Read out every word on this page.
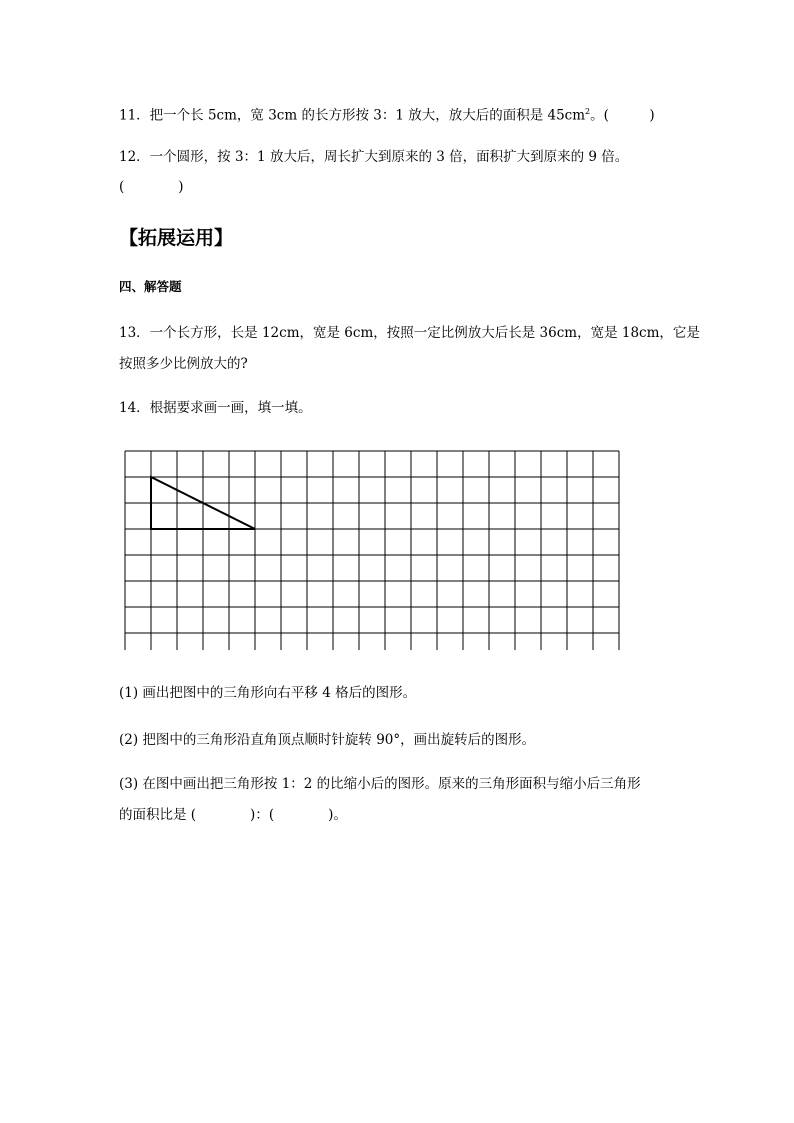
11．把一个长 5cm，宽 3cm 的长方形按 3：1 放大，放大后的面积是 $45cm^2$。(　　　)
12．一个圆形，按 3：1 放大后，周长扩大到原来的 3 倍，面积扩大到原来的 9 倍。
(　　　　)
【拓展运用】
四、解答题
13．一个长方形，长是 12cm，宽是 6cm，按照一定比例放大后长是 36cm，宽是 18cm，它是
按照多少比例放大的?
14．根据要求画一画，填一填。
(1) 画出把图中的三角形向右平移 4 格后的图形。
(2) 把图中的三角形沿直角顶点顺时针旋转 90°，画出旋转后的图形。
(3) 在图中画出把三角形按 1：2 的比缩小后的图形。原来的三角形面积与缩小后三角形
的面积比是 (　　　　)：(　　　　)。
